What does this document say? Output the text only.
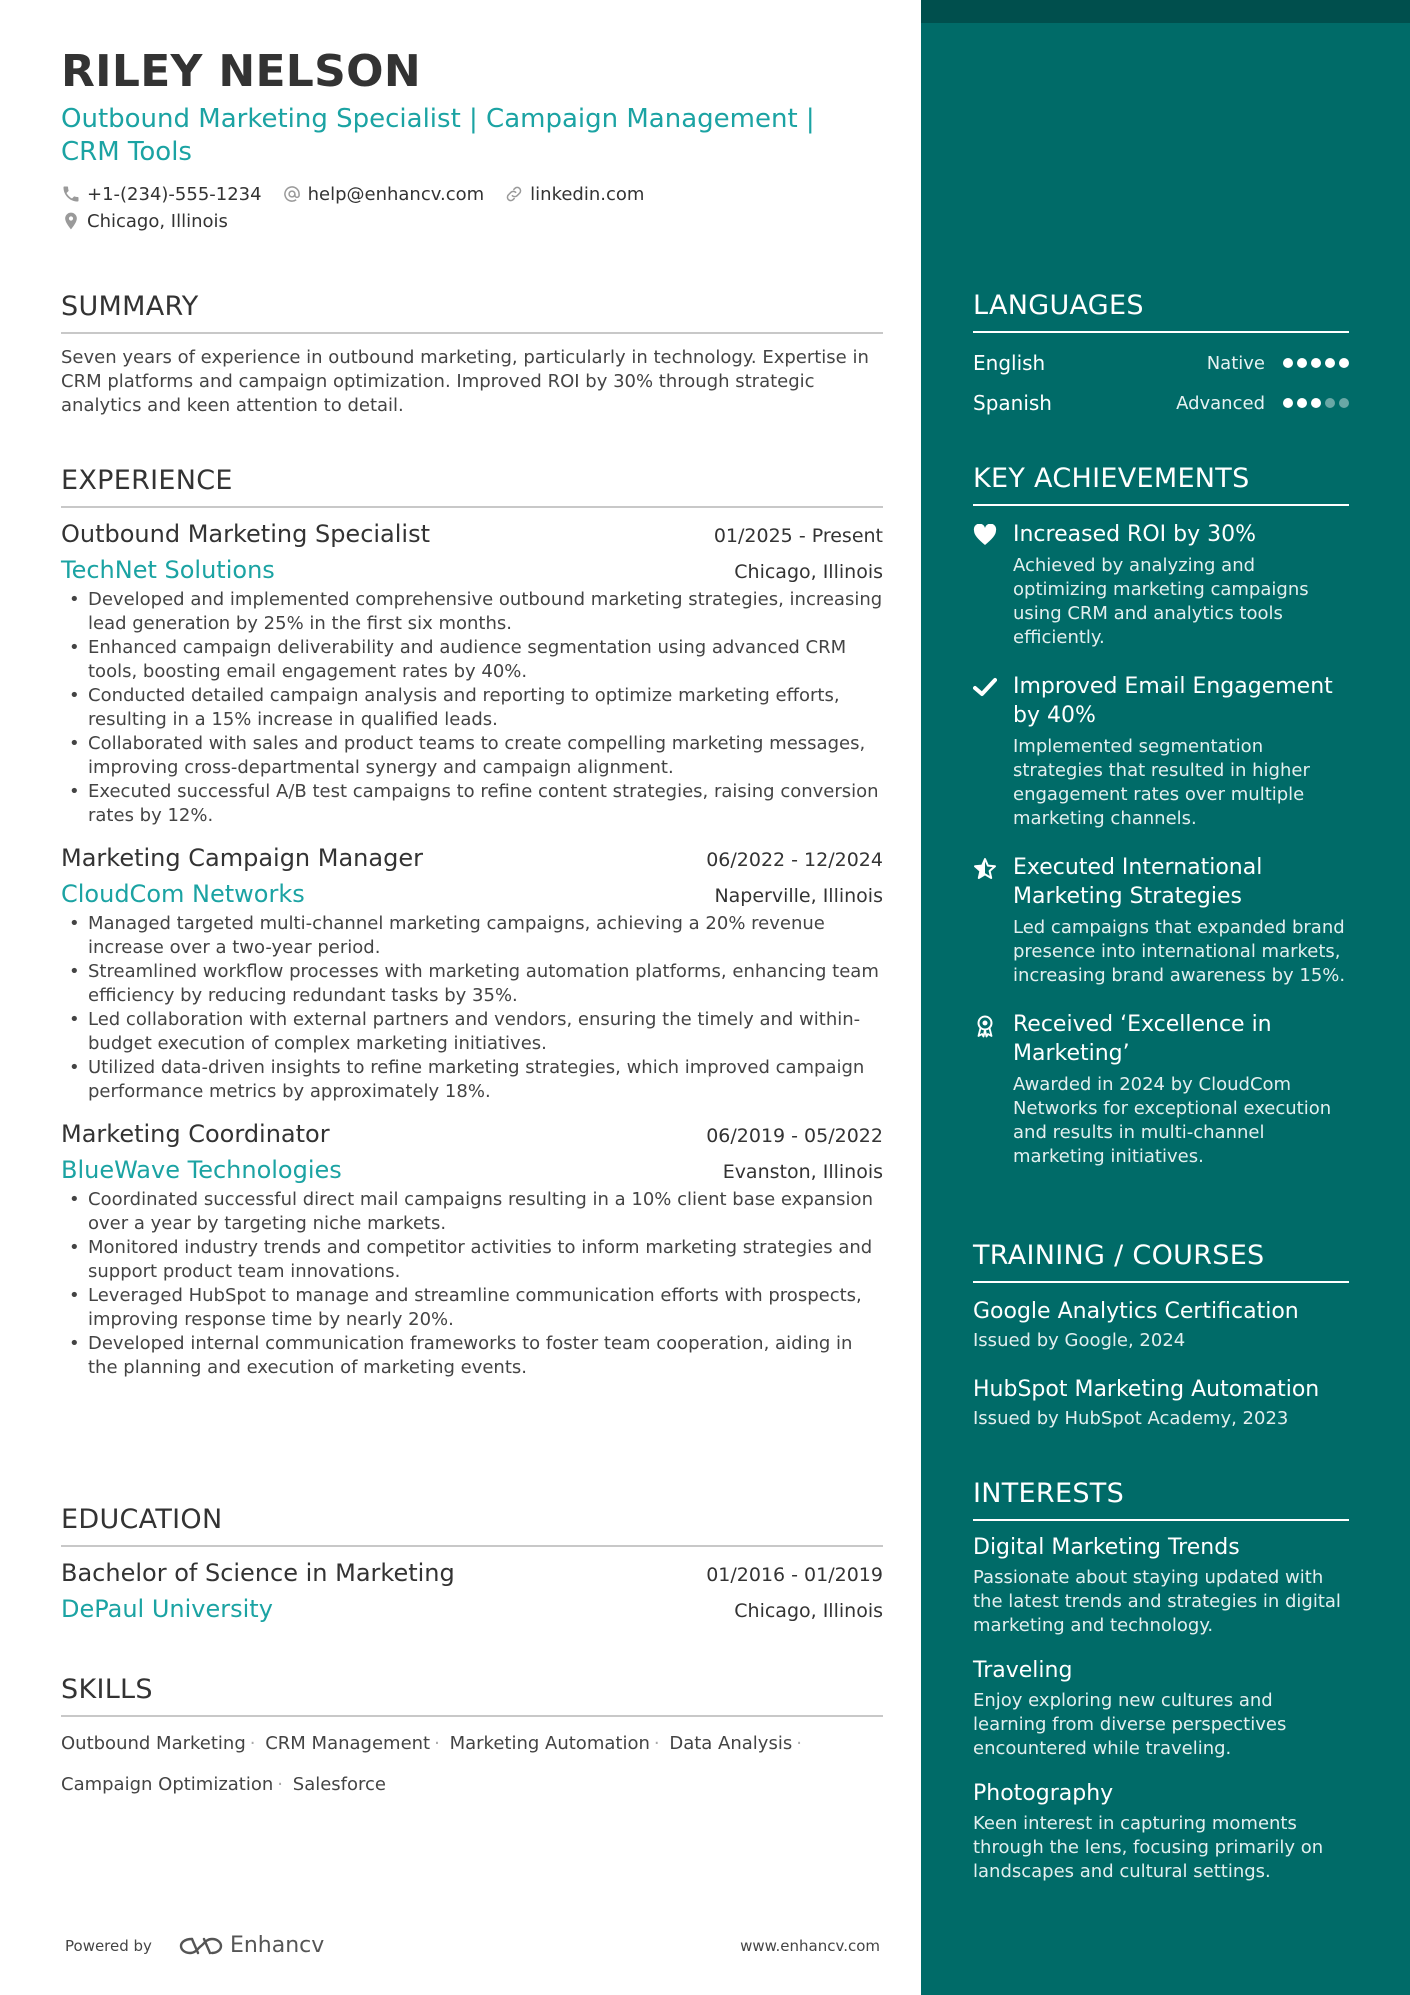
RILEY NELSON
Outbound Marketing Specialist | Campaign Management | CRM Tools
+1-(234)-555-1234	help@enhancv.com	linkedin.com
Chicago, Illinois
SUMMARY
Seven years of experience in outbound marketing, particularly in technology. Expertise in CRM platforms and campaign optimization. Improved ROI by 30% through strategic analytics and keen attention to detail.
EXPERIENCE
Outbound Marketing Specialist	01/2025 - Present
TechNet Solutions	Chicago, Illinois
• Developed and implemented comprehensive outbound marketing strategies, increasing lead generation by 25% in the first six months.
• Enhanced campaign deliverability and audience segmentation using advanced CRM tools, boosting email engagement rates by 40%.
• Conducted detailed campaign analysis and reporting to optimize marketing efforts, resulting in a 15% increase in qualified leads.
• Collaborated with sales and product teams to create compelling marketing messages, improving cross-departmental synergy and campaign alignment.
• Executed successful A/B test campaigns to refine content strategies, raising conversion rates by 12%.
Marketing Campaign Manager	06/2022 - 12/2024
CloudCom Networks	Naperville, Illinois
• Managed targeted multi-channel marketing campaigns, achieving a 20% revenue increase over a two-year period.
• Streamlined workflow processes with marketing automation platforms, enhancing team efficiency by reducing redundant tasks by 35%.
• Led collaboration with external partners and vendors, ensuring the timely and within-budget execution of complex marketing initiatives.
• Utilized data-driven insights to refine marketing strategies, which improved campaign performance metrics by approximately 18%.
Marketing Coordinator	06/2019 - 05/2022
BlueWave Technologies	Evanston, Illinois
• Coordinated successful direct mail campaigns resulting in a 10% client base expansion over a year by targeting niche markets.
• Monitored industry trends and competitor activities to inform marketing strategies and support product team innovations.
• Leveraged HubSpot to manage and streamline communication efforts with prospects, improving response time by nearly 20%.
• Developed internal communication frameworks to foster team cooperation, aiding in the planning and execution of marketing events.
EDUCATION
Bachelor of Science in Marketing	01/2016 - 01/2019
DePaul University	Chicago, Illinois
SKILLS
Outbound Marketing · CRM Management · Marketing Automation · Data Analysis ·
Campaign Optimization · Salesforce
Powered by	Enhancv	www.enhancv.com
LANGUAGES
English	Native
Spanish	Advanced
KEY ACHIEVEMENTS
Increased ROI by 30%
Achieved by analyzing and optimizing marketing campaigns using CRM and analytics tools efficiently.
Improved Email Engagement by 40%
Implemented segmentation strategies that resulted in higher engagement rates over multiple marketing channels.
Executed International Marketing Strategies
Led campaigns that expanded brand presence into international markets, increasing brand awareness by 15%.
Received ‘Excellence in Marketing’
Awarded in 2024 by CloudCom Networks for exceptional execution and results in multi-channel marketing initiatives.
TRAINING / COURSES
Google Analytics Certification
Issued by Google, 2024
HubSpot Marketing Automation
Issued by HubSpot Academy, 2023
INTERESTS
Digital Marketing Trends
Passionate about staying updated with the latest trends and strategies in digital marketing and technology.
Traveling
Enjoy exploring new cultures and learning from diverse perspectives encountered while traveling.
Photography
Keen interest in capturing moments through the lens, focusing primarily on landscapes and cultural settings.
